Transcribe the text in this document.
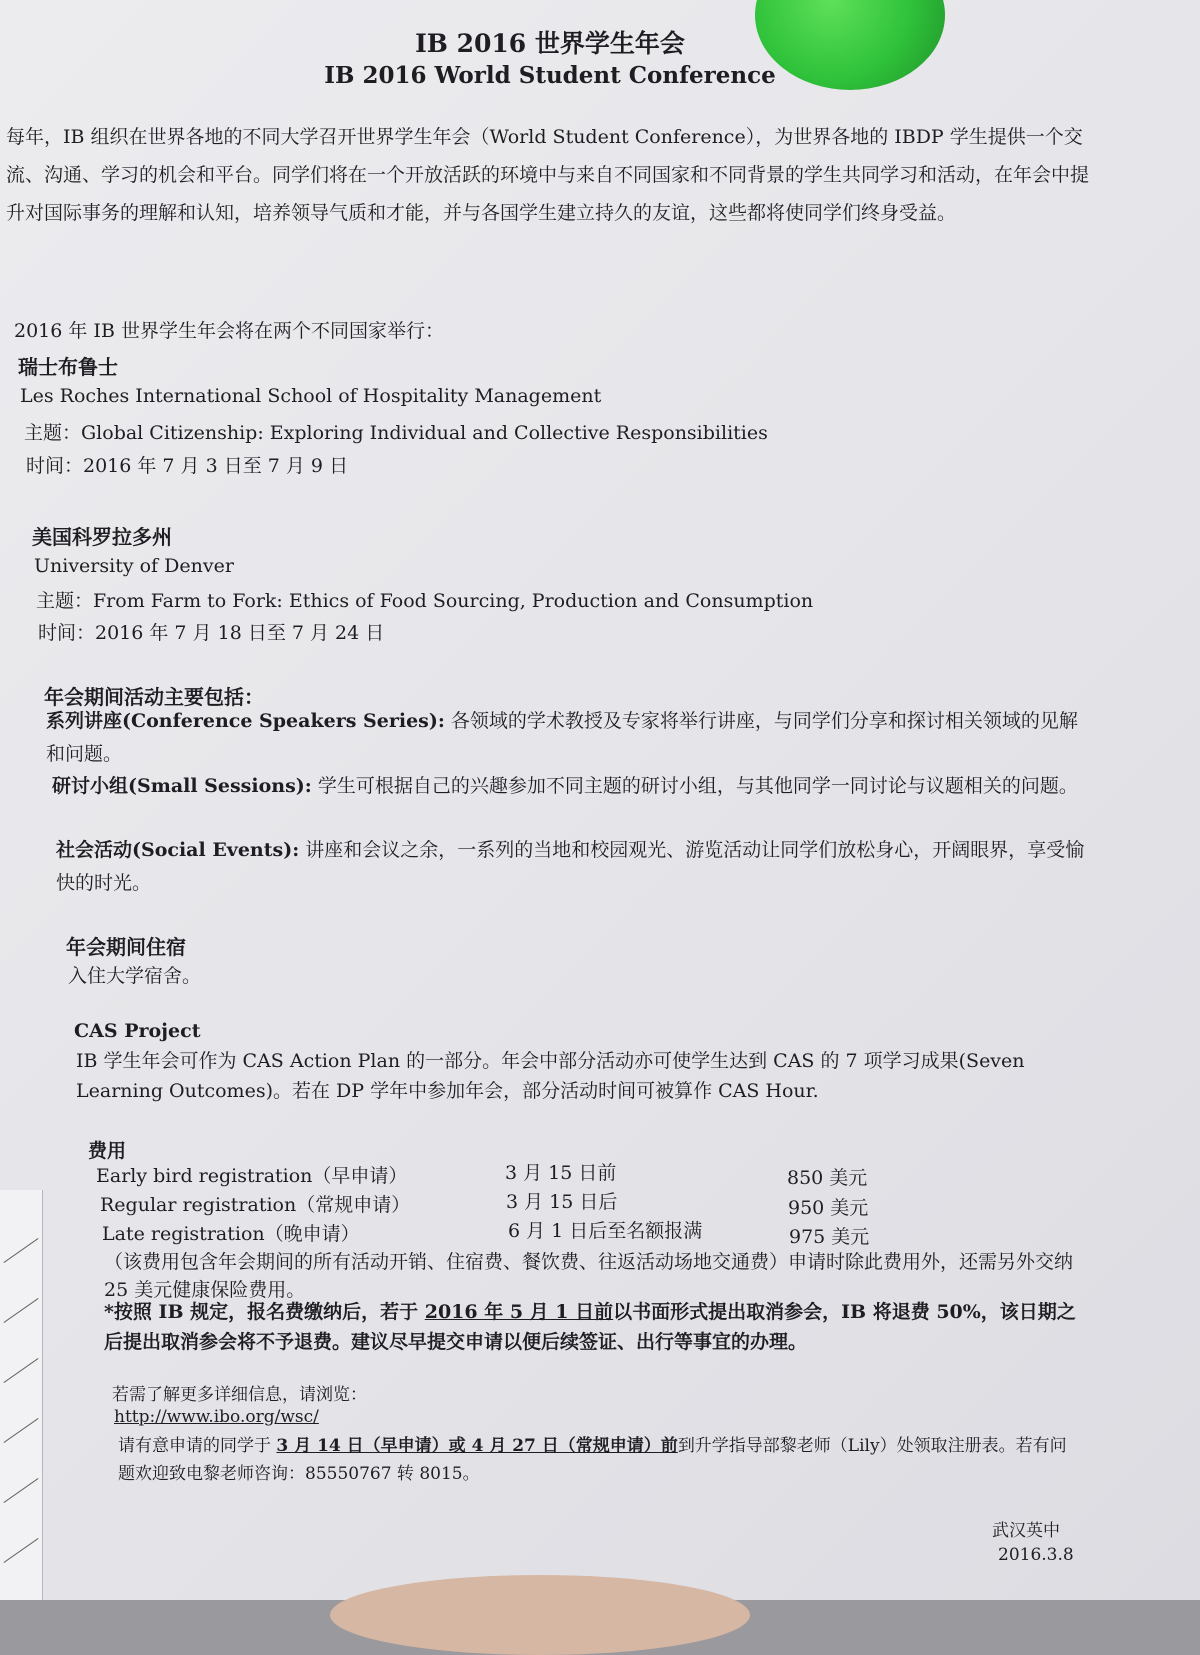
IB 2016 世界学生年会
IB 2016 World Student Conference
每年，IB 组织在世界各地的不同大学召开世界学生年会（World Student Conference），为世界各地的 IBDP 学生提供一个交流、沟通、学习的机会和平台。同学们将在一个开放活跃的环境中与来自不同国家和不同背景的学生共同学习和活动，在年会中提升对国际事务的理解和认知，培养领导气质和才能，并与各国学生建立持久的友谊，这些都将使同学们终身受益。
2016 年 IB 世界学生年会将在两个不同国家举行：
瑞士布鲁士
Les Roches International School of Hospitality Management
主题：Global Citizenship: Exploring Individual and Collective Responsibilities
时间：2016 年 7 月 3 日至 7 月 9 日
美国科罗拉多州
University of Denver
主题：From Farm to Fork: Ethics of Food Sourcing, Production and Consumption
时间：2016 年 7 月 18 日至 7 月 24 日
年会期间活动主要包括：
系列讲座(Conference Speakers Series): 各领域的学术教授及专家将举行讲座，与同学们分享和探讨相关领域的见解和问题。
研讨小组(Small Sessions): 学生可根据自己的兴趣参加不同主题的研讨小组，与其他同学一同讨论与议题相关的问题。
社会活动(Social Events): 讲座和会议之余，一系列的当地和校园观光、游览活动让同学们放松身心，开阔眼界，享受愉快的时光。
年会期间住宿
入住大学宿舍。
CAS Project
IB 学生年会可作为 CAS Action Plan 的一部分。年会中部分活动亦可使学生达到 CAS 的 7 项学习成果(Seven Learning Outcomes)。若在 DP 学年中参加年会，部分活动时间可被算作 CAS Hour.
费用
Early bird registration（早申请）	3 月 15 日前	850 美元
Regular registration（常规申请）	3 月 15 日后	950 美元
Late registration（晚申请）	6 月 1 日后至名额报满	975 美元
（该费用包含年会期间的所有活动开销、住宿费、餐饮费、往返活动场地交通费）申请时除此费用外，还需另外交纳 25 美元健康保险费用。
*按照 IB 规定，报名费缴纳后，若于 2016 年 5 月 1 日前以书面形式提出取消参会，IB 将退费 50%，该日期之后提出取消参会将不予退费。建议尽早提交申请以便后续签证、出行等事宜的办理。
若需了解更多详细信息，请浏览：
http://www.ibo.org/wsc/
请有意申请的同学于 3 月 14 日（早申请）或 4 月 27 日（常规申请）前到升学指导部黎老师（Lily）处领取注册表。若有问题欢迎致电黎老师咨询：85550767 转 8015。
武汉英中
2016.3.8
